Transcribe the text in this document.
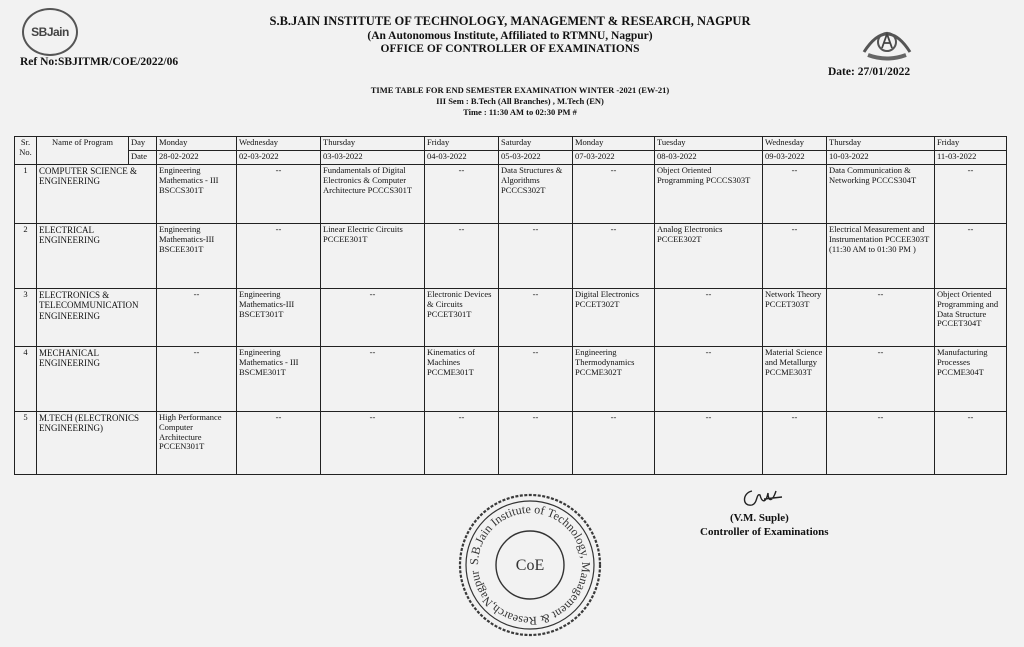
SBJain
S.B.JAIN INSTITUTE OF TECHNOLOGY, MANAGEMENT & RESEARCH, NAGPUR
(An Autonomous Institute, Affiliated to RTMNU, Nagpur)
OFFICE OF CONTROLLER OF EXAMINATIONS
Ref No:SBJITMR/COE/2022/06
Date: 27/01/2022
TIME TABLE FOR END SEMESTER EXAMINATION WINTER -2021 (EW-21)
III Sem : B.Tech (All Branches) , M.Tech (EN)
Time : 11:30 AM to 02:30 PM #
Sr. No.	Name of Program	Day	Monday	Wednesday	Thursday	Friday	Saturday	Monday	Tuesday	Wednesday	Thursday	Friday
		Date	28-02-2022	02-03-2022	03-03-2022	04-03-2022	05-03-2022	07-03-2022	08-03-2022	09-03-2022	10-03-2022	11-03-2022
1	COMPUTER SCIENCE & ENGINEERING		Engineering Mathematics - III BSCCS301T	--	Fundamentals of Digital Electronics & Computer Architecture PCCCS301T	--	Data Structures & Algorithms PCCCS302T	--	Object Oriented Programming PCCCS303T	--	Data Communication & Networking PCCCS304T	--
2	ELECTRICAL ENGINEERING		Engineering Mathematics-III BSCEE301T	--	Linear Electric Circuits PCCEE301T	--	--	--	Analog Electronics PCCEE302T	--	Electrical Measurement and Instrumentation PCCEE303T (11:30 AM to 01:30 PM )	--
3	ELECTRONICS & TELECOMMUNICATION ENGINEERING		--	Engineering Mathematics-III BSCET301T	--	Electronic Devices & Circuits PCCET301T	--	Digital Electronics PCCET302T	--	Network Theory PCCET303T	--	Object Oriented Programming and Data Structure PCCET304T
4	MECHANICAL ENGINEERING		--	Engineering Mathematics - III BSCME301T	--	Kinematics of Machines PCCME301T	--	Engineering Thermodynamics PCCME302T	--	Material Science and Metallurgy PCCME303T	--	Manufacturing Processes PCCME304T
5	M.TECH (ELECTRONICS ENGINEERING)		High Performance Computer Architecture PCCEN301T	--	--	--	--	--	--	--	--	--
(V.M. Suple)
Controller of Examinations
S.B.Jain Institute of Technology, Management & Research,Nagpur	CoE
